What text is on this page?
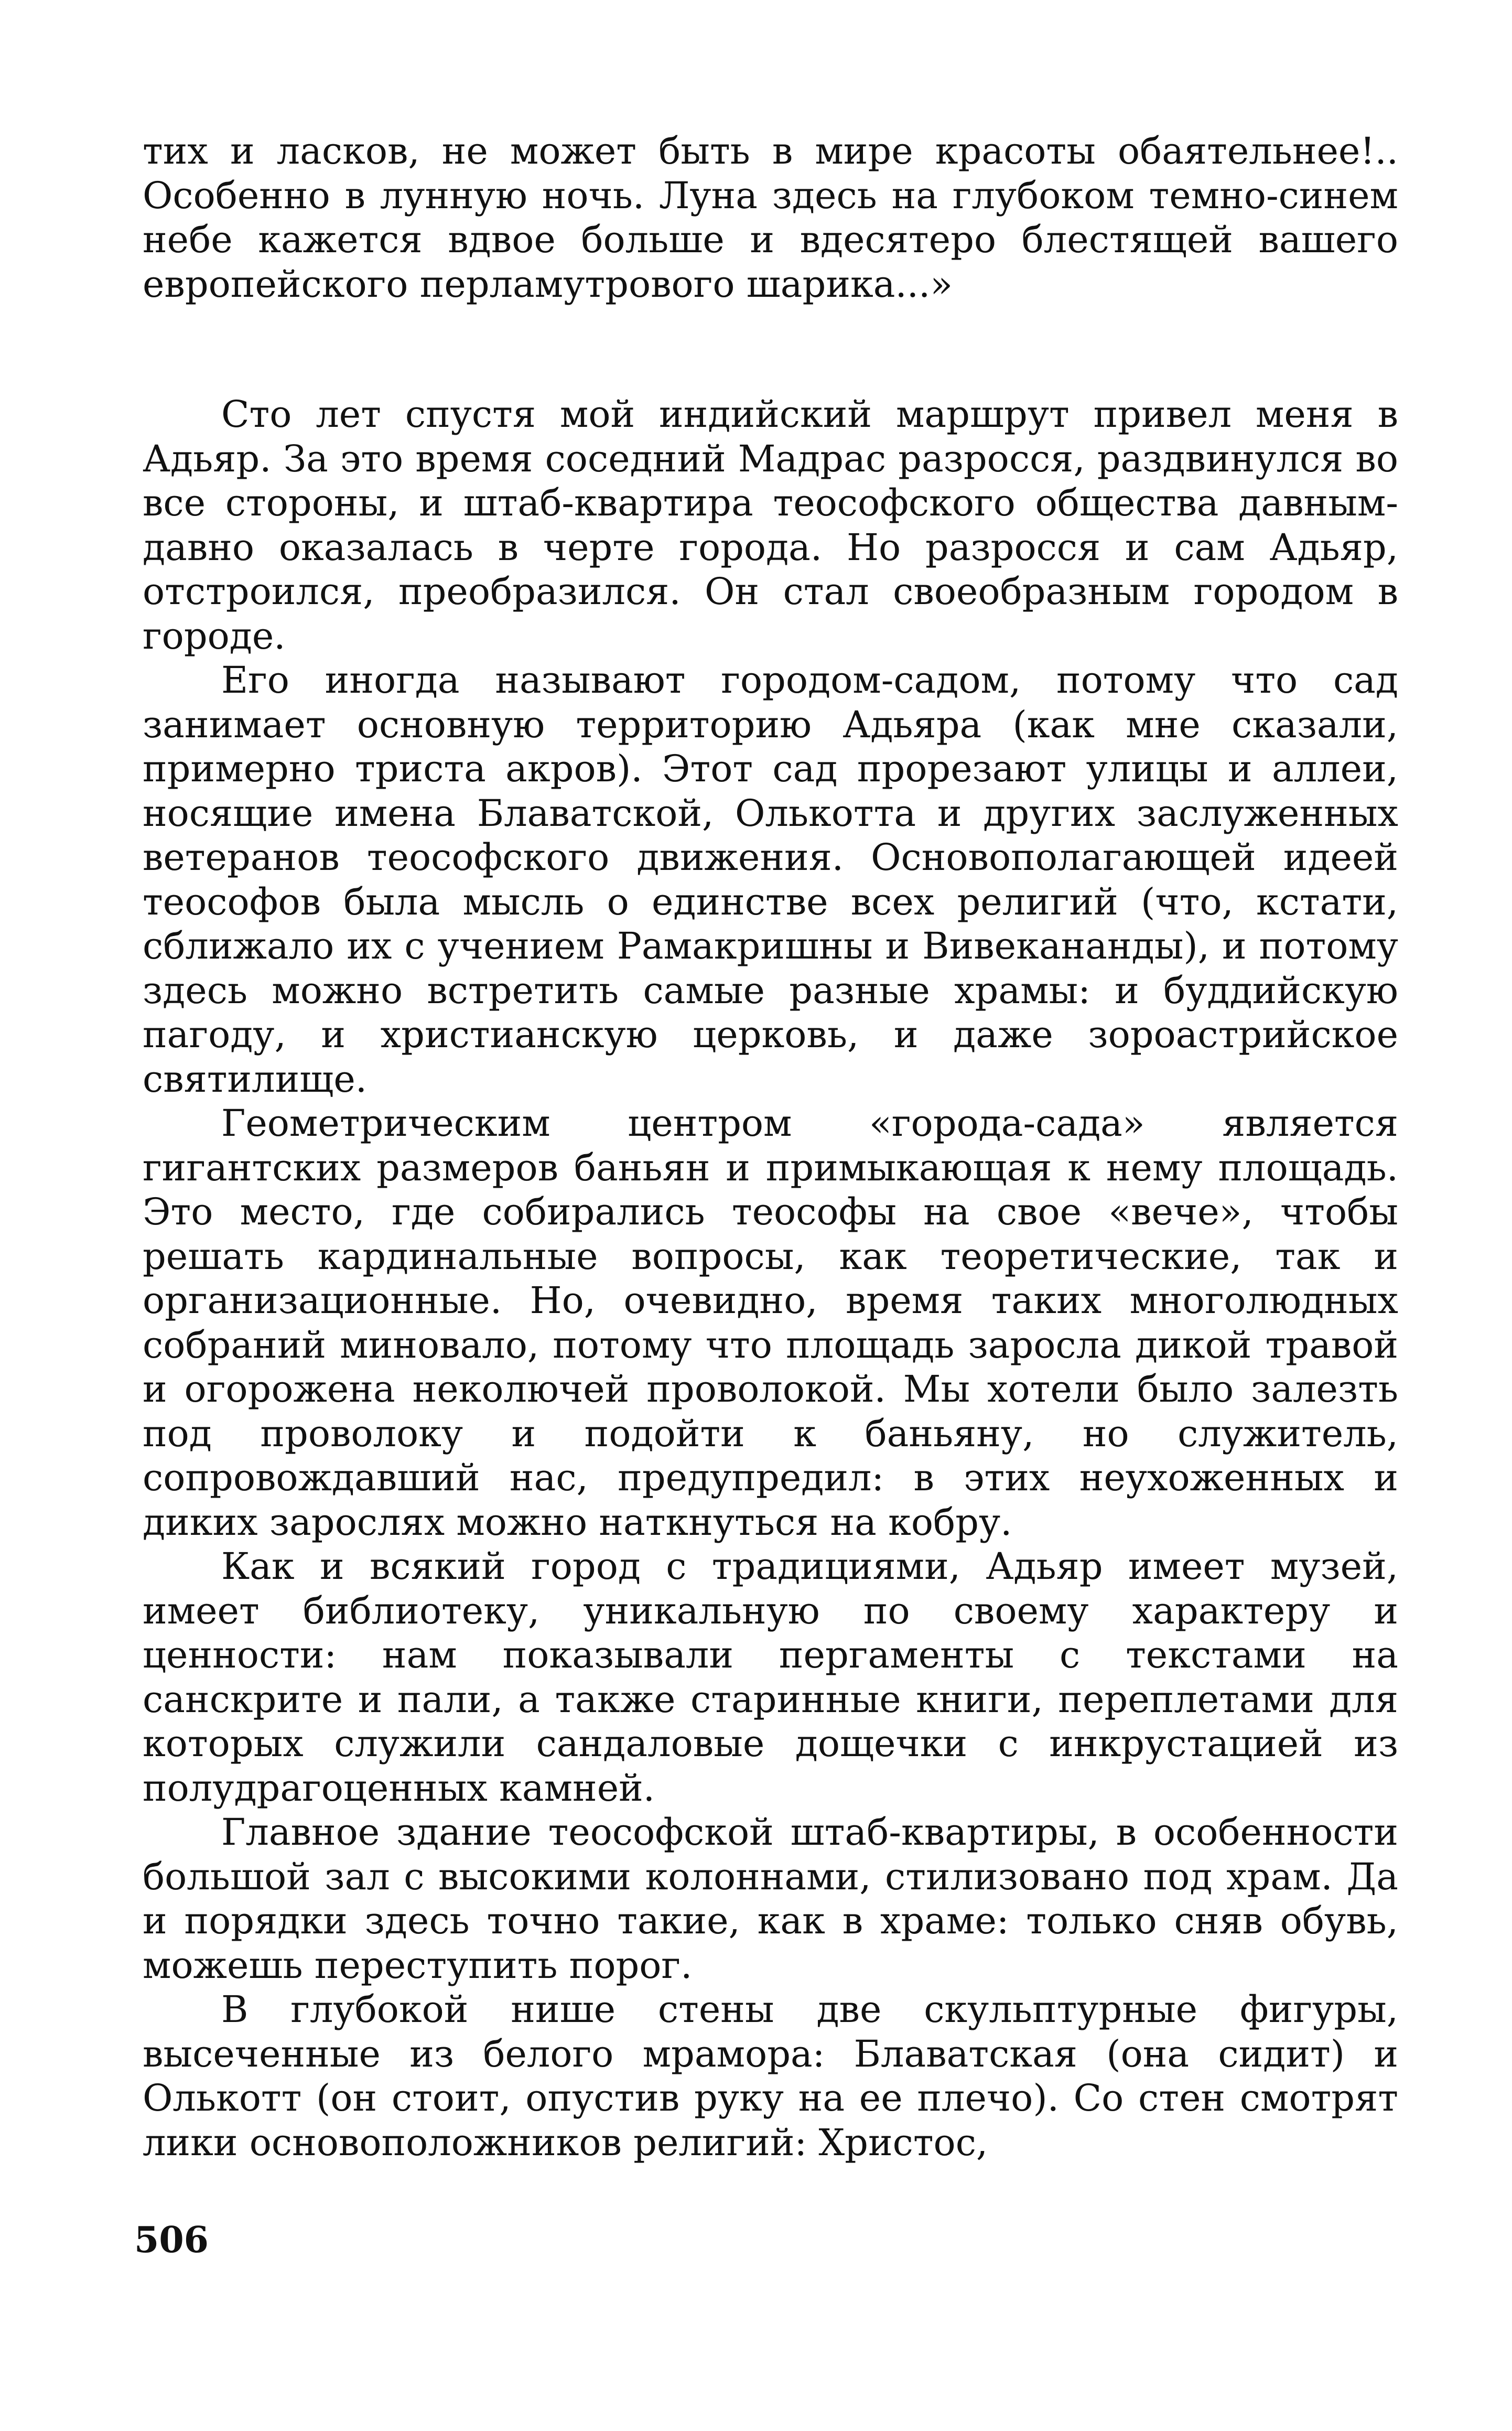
тих и ласков, не может быть в мире красоты обаятельнее!.. Особенно в лунную ночь. Луна здесь на глубоком темно-синем небе кажется вдвое больше и вдесятеро блестящей вашего европейского перламутрового шарика...»

Сто лет спустя мой индийский маршрут привел меня в Адьяр. За это время соседний Мадрас разросся, раздвинулся во все стороны, и штаб-квартира теософского общества давным-давно оказалась в черте города. Но разросся и сам Адьяр, отстроился, преобразился. Он стал своеобразным городом в городе.

Его иногда называют городом-садом, потому что сад занимает основную территорию Адьяра (как мне сказали, примерно триста акров). Этот сад прорезают улицы и аллеи, носящие имена Блаватской, Олькотта и других заслуженных ветеранов теософского движения. Основополагающей идеей теософов была мысль о единстве всех религий (что, кстати, сближало их с учением Рамакришны и Вивекананды), и потому здесь можно встретить самые разные храмы: и буддийскую пагоду, и христианскую церковь, и даже зороастрийское святилище.

Геометрическим центром «города-сада» является гигантских размеров баньян и примыкающая к нему площадь. Это место, где собирались теософы на свое «вече», чтобы решать кардинальные вопросы, как теоретические, так и организационные. Но, очевидно, время таких многолюдных собраний миновало, потому что площадь заросла дикой травой и огорожена неколючей проволокой. Мы хотели было залезть под проволоку и подойти к баньяну, но служитель, сопровождавший нас, предупредил: в этих неухоженных и диких зарослях можно наткнуться на кобру.

Как и всякий город с традициями, Адьяр имеет музей, имеет библиотеку, уникальную по своему характеру и ценности: нам показывали пергаменты с текстами на санскрите и пали, а также старинные книги, переплетами для которых служили сандаловые дощечки с инкрустацией из полудрагоценных камней.

Главное здание теософской штаб-квартиры, в особенности большой зал с высокими колоннами, стилизовано под храм. Да и порядки здесь точно такие, как в храме: только сняв обувь, можешь переступить порог.

В глубокой нише стены две скульптурные фигуры, высеченные из белого мрамора: Блаватская (она сидит) и Олькотт (он стоит, опустив руку на ее плечо). Со стен смотрят лики основоположников религий: Христос,

506
